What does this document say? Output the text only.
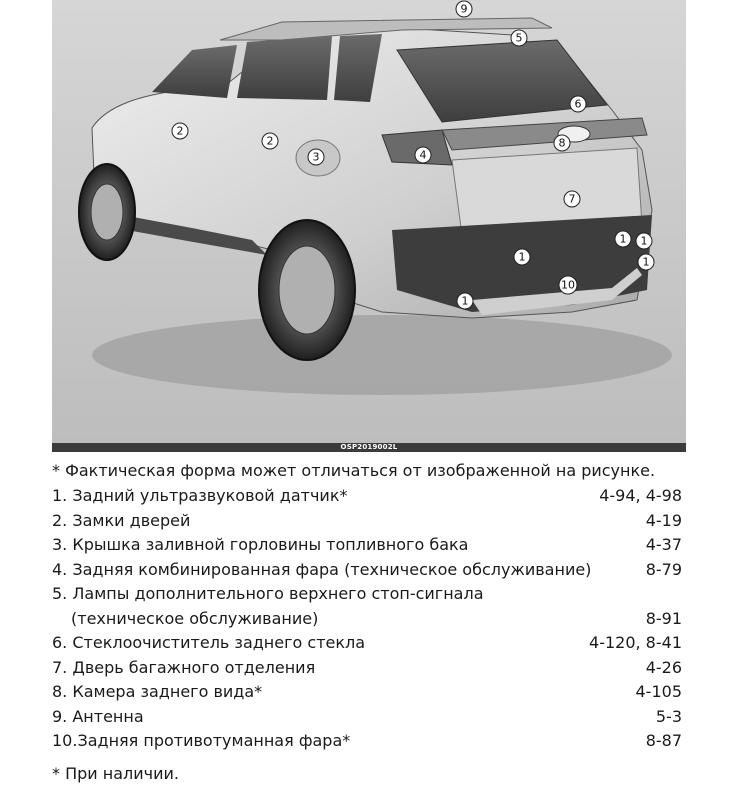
9
5
6
2
2
3	4
8
7
1
1 1
1
10
1
OSP2019002L
* Фактическая форма может отличаться от изображенной на рисунке.
1. Задний ультразвуковой датчик*	4-94, 4-98
2. Замки дверей	4-19
3. Крышка заливной горловины топливного бака	4-37
4. Задняя комбинированная фара (техническое обслуживание)	8-79
5. Лампы дополнительного верхнего стоп-сигнала
(техническое обслуживание)	8-91
6. Стеклоочиститель заднего стекла	4-120, 8-41
7. Дверь багажного отделения	4-26
8. Камера заднего вида*	4-105
9. Антенна	5-3
10.Задняя противотуманная фара*	8-87
* При наличии.
